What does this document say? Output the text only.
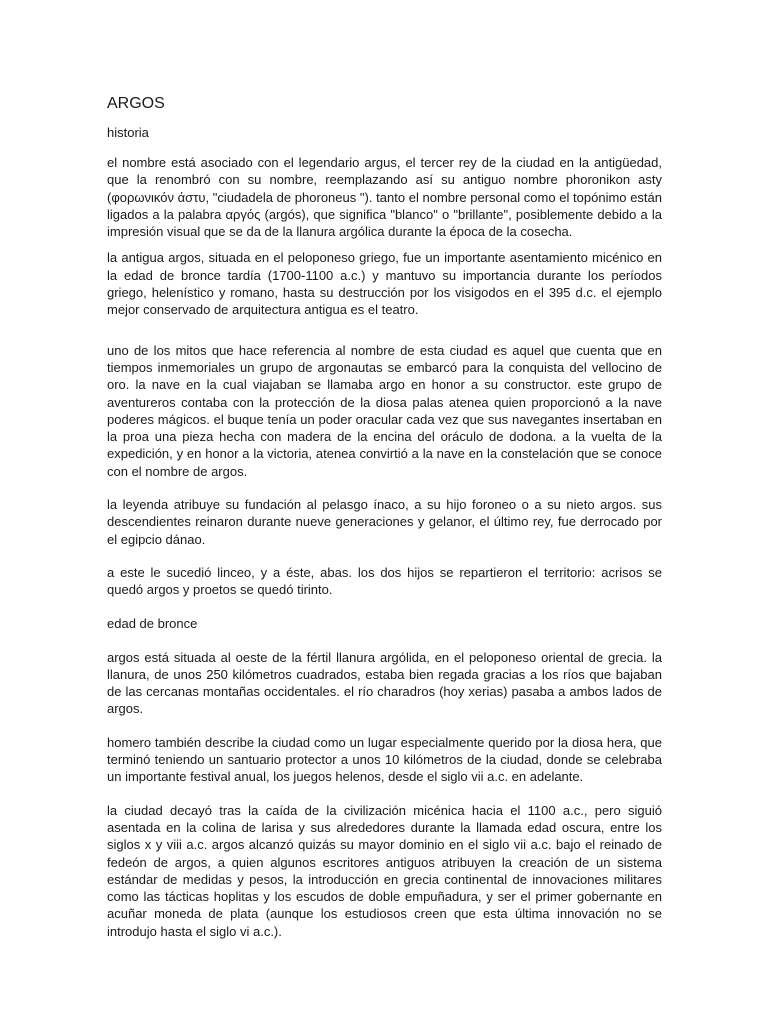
ARGOS
historia

el nombre está asociado con el legendario argus, el tercer rey de la ciudad en la antigüedad, que la renombró con su nombre, reemplazando así su antiguo nombre phoronikon asty (φορωνικόν άστυ, "ciudadela de phoroneus "). tanto el nombre personal como el topónimo están ligados a la palabra αργός (argós), que significa "blanco" o "brillante", posiblemente debido a la impresión visual que se da de la llanura argólica durante la época de la cosecha.

la antigua argos, situada en el peloponeso griego, fue un importante asentamiento micénico en la edad de bronce tardía (1700-1100 a.c.) y mantuvo su importancia durante los períodos griego, helenístico y romano, hasta su destrucción por los visigodos en el 395 d.c. el ejemplo mejor conservado de arquitectura antigua es el teatro.

uno de los mitos que hace referencia al nombre de esta ciudad es aquel que cuenta que en tiempos inmemoriales un grupo de argonautas se embarcó para la conquista del vellocino de oro. la nave en la cual viajaban se llamaba argo en honor a su constructor. este grupo de aventureros contaba con la protección de la diosa palas atenea quien proporcionó a la nave poderes mágicos. el buque tenía un poder oracular cada vez que sus navegantes insertaban en la proa una pieza hecha con madera de la encina del oráculo de dodona. a la vuelta de la expedición, y en honor a la victoria, atenea convirtió a la nave en la constelación que se conoce con el nombre de argos.

la leyenda atribuye su fundación al pelasgo ínaco, a su hijo foroneo o a su nieto argos. sus descendientes reinaron durante nueve generaciones y gelanor, el último rey, fue derrocado por el egipcio dánao.

a este le sucedió linceo, y a éste, abas. los dos hijos se repartieron el territorio: acrisos se quedó argos y proetos se quedó tirinto.

edad de bronce

argos está situada al oeste de la fértil llanura argólida, en el peloponeso oriental de grecia. la llanura, de unos 250 kilómetros cuadrados, estaba bien regada gracias a los ríos que bajaban de las cercanas montañas occidentales. el río charadros (hoy xerias) pasaba a ambos lados de argos.

homero también describe la ciudad como un lugar especialmente querido por la diosa hera, que terminó teniendo un santuario protector a unos 10 kilómetros de la ciudad, donde se celebraba un importante festival anual, los juegos helenos, desde el siglo vii a.c. en adelante.

la ciudad decayó tras la caída de la civilización micénica hacia el 1100 a.c., pero siguió asentada en la colina de larisa y sus alrededores durante la llamada edad oscura, entre los siglos x y viii a.c. argos alcanzó quizás su mayor dominio en el siglo vii a.c. bajo el reinado de fedeón de argos, a quien algunos escritores antiguos atribuyen la creación de un sistema estándar de medidas y pesos, la introducción en grecia continental de innovaciones militares como las tácticas hoplitas y los escudos de doble empuñadura, y ser el primer gobernante en acuñar moneda de plata (aunque los estudiosos creen que esta última innovación no se introdujo hasta el siglo vi a.c.).
